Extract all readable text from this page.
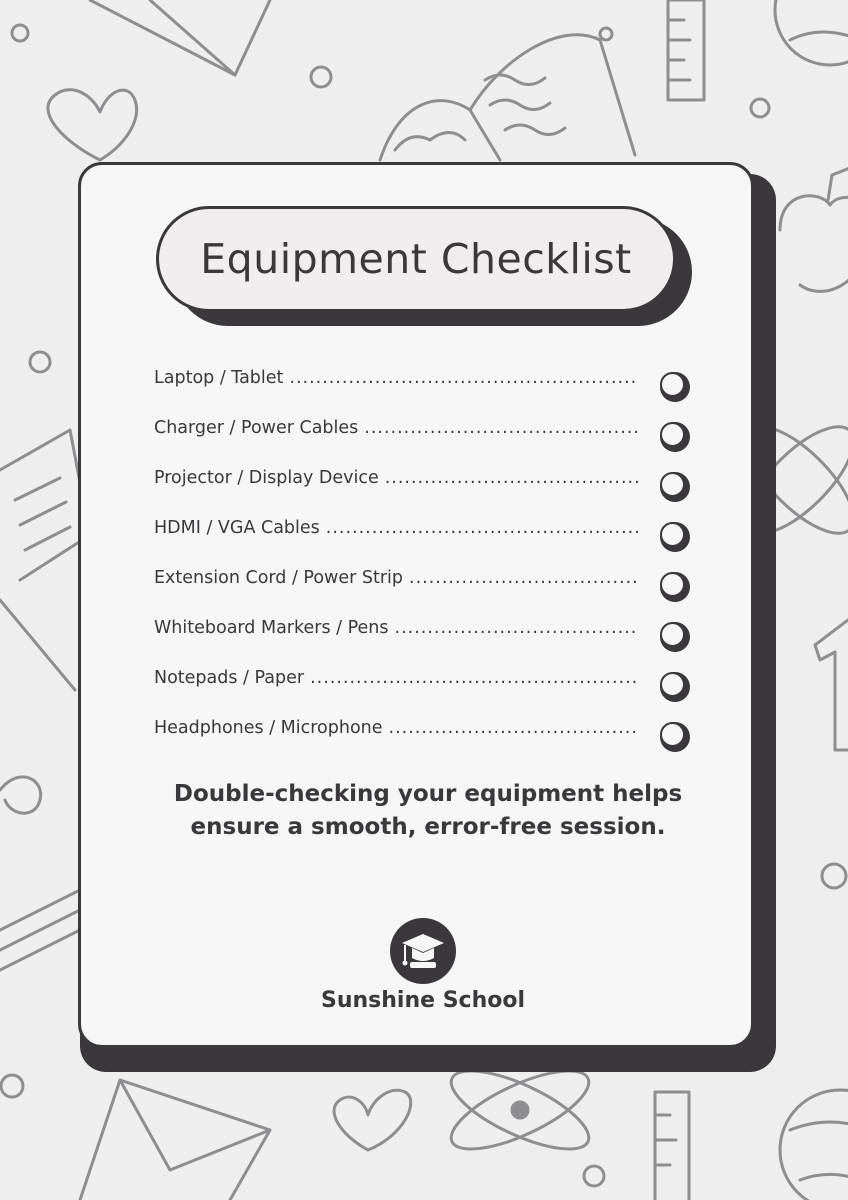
Equipment Checklist
Laptop / Tablet
.....
Charger / Power Cables
.....
Projector / Display Device
.....
HDMI / VGA Cables
.....
Extension Cord / Power Strip
.....
Whiteboard Markers / Pens
.....
Notepads / Paper
.....
Headphones / Microphone
.....

Double-checking your equipment helps ensure a smooth, error-free session.

Sunshine School
